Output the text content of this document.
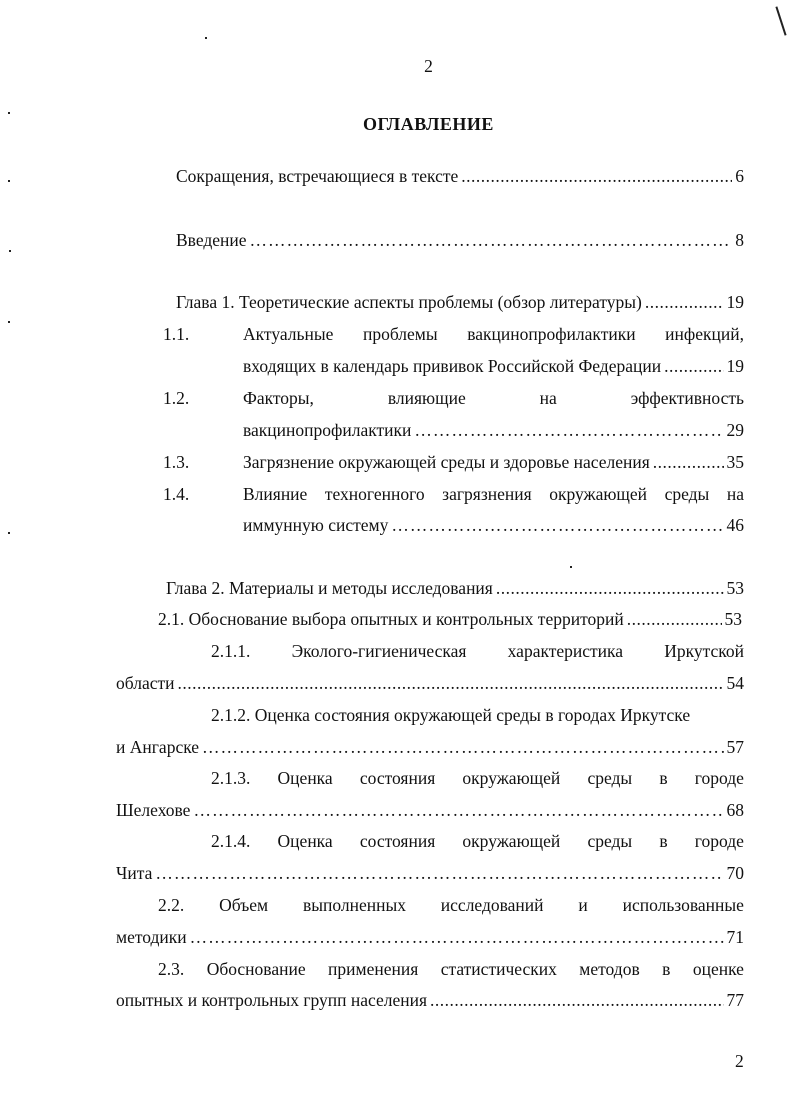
2
ОГЛАВЛЕНИЕ
Сокращения, встречающиеся в тексте .....	6
Введение …………………………………………………………………………………………………………………………………………………………………………	8
Глава 1. Теоретические аспекты проблемы (обзор литературы) .....	19
1.1.	Актуальные проблемы вакцинопрофилактики инфекций,
входящих в календарь прививок Российской Федерации .....	19
1.2.	Факторы,	влияющие	на	эффективность
вакцинопрофилактики …………………………………………………………………………………………………………………………………………………………………………	29
1.3.	Загрязнение окружающей среды и здоровье населения .....	35
1.4.	Влияние техногенного загрязнения окружающей среды на
иммунную систему …………………………………………………………………………………………………………………………………………………………………………	46
Глава 2. Материалы и методы исследования .....	53
2.1. Обоснование выбора опытных и контрольных территорий .....	53
2.1.1. Эколого-гигиеническая характеристика Иркутской
области .....	54
2.1.2. Оценка состояния окружающей среды в городах Иркутске
и Ангарске …………………………………………………………………………………………………………………………………………………………………………	57
2.1.3. Оценка состояния окружающей среды в городе
Шелехове …………………………………………………………………………………………………………………………………………………………………………	68
2.1.4. Оценка состояния окружающей среды в городе
Чита …………………………………………………………………………………………………………………………………………………………………………	70
2.2. Объем выполненных исследований и использованные
методики …………………………………………………………………………………………………………………………………………………………………………	71
2.3. Обоснование применения статистических методов в оценке
опытных и контрольных групп населения .....	77
2
